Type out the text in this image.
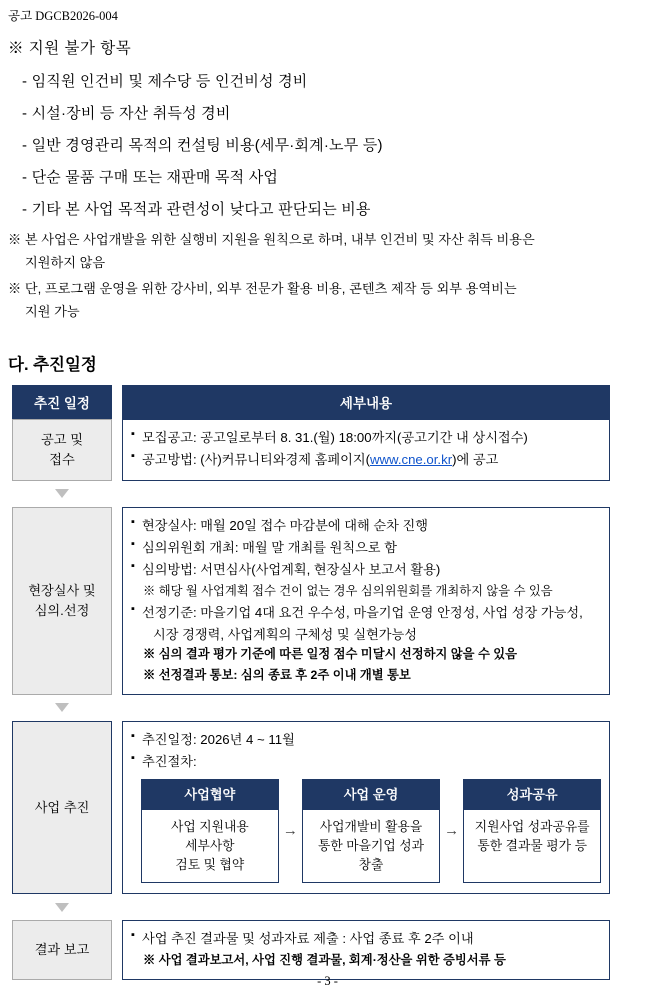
공고 DGCB2026-004
※ 지원 불가 항목
- 임직원 인건비 및 제수당 등 인건비성 경비
- 시설·장비 등 자산 취득성 경비
- 일반 경영관리 목적의 컨설팅 비용(세무·회계·노무 등)
- 단순 물품 구매 또는 재판매 목적 사업
- 기타 본 사업 목적과 관련성이 낮다고 판단되는 비용
※ 본 사업은 사업개발을 위한 실행비 지원을 원칙으로 하며, 내부 인건비 및 자산 취득 비용은
지원하지 않음
※ 단, 프로그램 운영을 위한 강사비, 외부 전문가 활용 비용, 콘텐츠 제작 등 외부 용역비는
지원 가능
다. 추진일정
추진 일정		세부내용

공고 및
접수

▪ 모집공고: 공고일로부터 8. 31.(월) 18:00까지(공고기간 내 상시접수)
▪ 공고방법: (사)커뮤니티와경제 홈페이지(www.cne.or.kr)에 공고

현장실사 및
심의.선정

▪ 현장실사: 매월 20일 접수 마감분에 대해 순차 진행
▪ 심의위원회 개최: 매월 말 개최를 원칙으로 함
▪ 심의방법: 서면심사(사업계획, 현장실사 보고서 활용)
※ 해당 월 사업계획 접수 건이 없는 경우 심의위원회를 개최하지 않을 수 있음
▪ 선정기준: 마을기업 4대 요건 우수성, 마을기업 운영 안정성, 사업 성장 가능성,
시장 경쟁력, 사업계획의 구체성 및 실현가능성
※ 심의 결과 평가 기준에 따른 일정 점수 미달시 선정하지 않을 수 있음
※ 선정결과 통보: 심의 종료 후 2주 이내 개별 통보

사업 추진		
▪ 추진일정: 2026년 4 ~ 11월
▪ 추진절차:
사업협약
사업 지원내용
세부사항
검토 및 협약
→
사업 운영
사업개발비 활용을
통한 마을기업 성과
창출
→
성과공유
지원사업 성과공유를
통한 결과물 평가 등

결과 보고		▪ 사업 추진 결과물 및 성과자료 제출 : 사업 종료 후 2주 이내
※ 사업 결과보고서, 사업 진행 결과물, 회계·정산을 위한 증빙서류 등
- 3 -
